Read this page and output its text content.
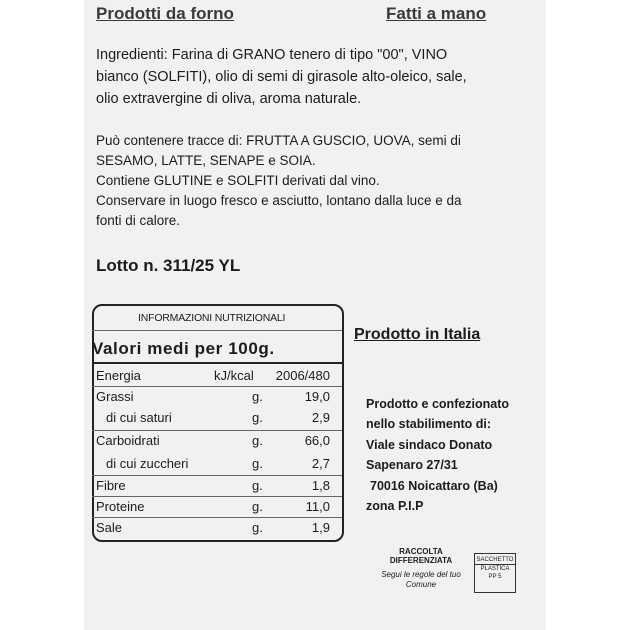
Prodotti da forno	Fatti a mano
Ingredienti: Farina di GRANO tenero di tipo "00", VINO
bianco (SOLFITI), olio di semi di girasole alto-oleico, sale,
olio extravergine di oliva, aroma naturale.
Può contenere tracce di: FRUTTA A GUSCIO, UOVA, semi di
SESAMO, LATTE, SENAPE e SOIA.
Contiene GLUTINE e SOLFITI derivati dal vino.
Conservare in luogo fresco e asciutto, lontano dalla luce e da
fonti di calore.
Lotto n. 311/25 YL
INFORMAZIONI NUTRIZIONALI
Valori medi per 100g.
Energia	kJ/kcal 2006/480
Grassi	g.	19,0
di cui saturi	g.	2,9
Carboidrati	g.	66,0
di cui zuccheri	g.	2,7
Fibre	g.	1,8
Proteine	g.	11,0
Sale	g.	1,9
Prodotto in Italia
Prodotto e confezionato
nello stabilimento di:
Viale sindaco Donato
Sapenaro 27/31
70016 Noicattaro (Ba)
zona P.I.P
RACCOLTA DIFFERENZIATA
Segui le regole del tuo Comune
SACCHETTO
PLASTICA
PP 5
